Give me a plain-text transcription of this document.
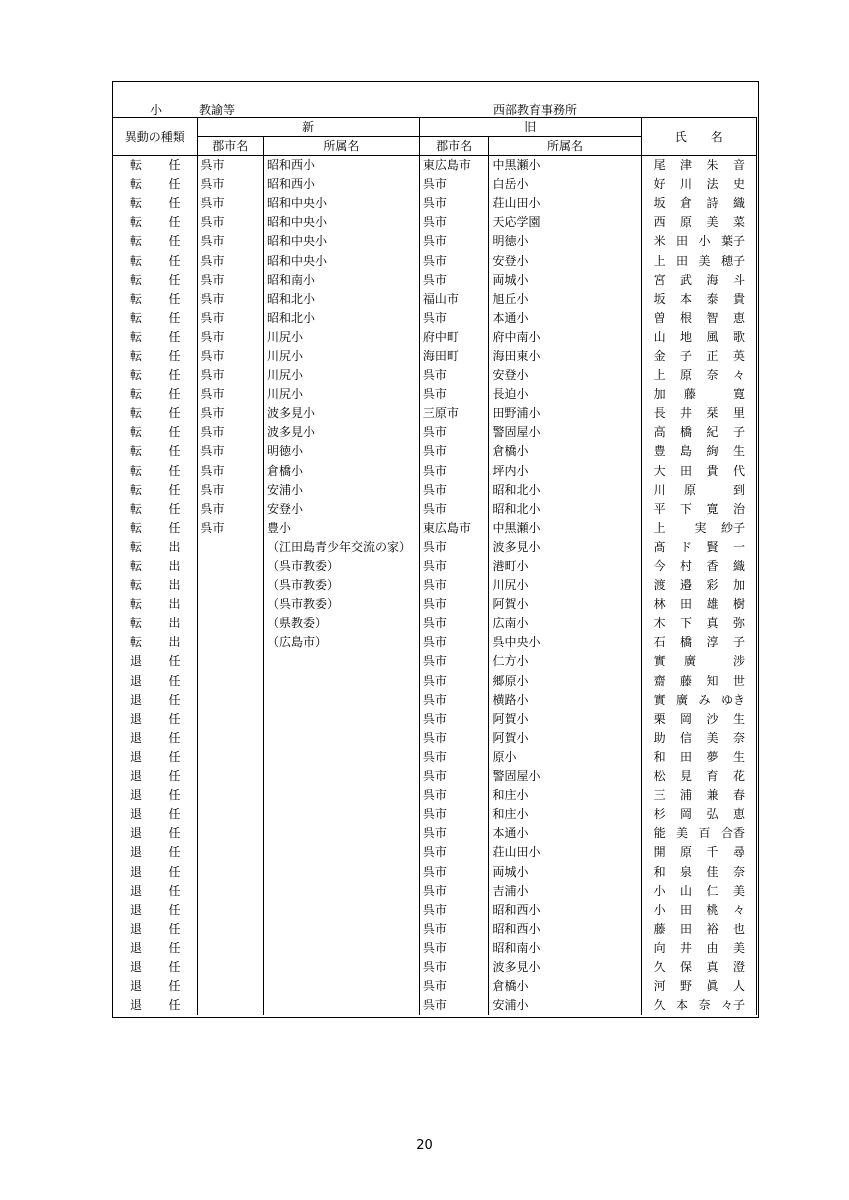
小	教諭等	西部教育事務所
異動の種類	新		旧		氏　　名
	郡市名	所属名	郡市名	所属名	

転 任	呉市	昭和西小	東広島市	中黒瀬小	尾 津 朱 音

転 任	呉市	昭和西小	呉市	白岳小	好 川 法 史

転 任	呉市	昭和中央小	呉市	荘山田小	坂 倉 詩 織

転 任	呉市	昭和中央小	呉市	天応学園	西 原 美 菜

転 任	呉市	昭和中央小	呉市	明徳小	米 田 小 葉子

転 任	呉市	昭和中央小	呉市	安登小	上 田 美 穂子

転 任	呉市	昭和南小	呉市	両城小	宮 武 海 斗

転 任	呉市	昭和北小	福山市	旭丘小	坂 本 泰 貴

転 任	呉市	昭和北小	呉市	本通小	曽 根 智 恵

転 任	呉市	川尻小	府中町	府中南小	山 地 風 歌

転 任	呉市	川尻小	海田町	海田東小	金 子 正 英

転 任	呉市	川尻小	呉市	安登小	上 原 奈 々

転 任	呉市	川尻小	呉市	長迫小	加 藤 寛

転 任	呉市	波多見小	三原市	田野浦小	長 井 栞 里

転 任	呉市	波多見小	呉市	警固屋小	高 橋 紀 子

転 任	呉市	明徳小	呉市	倉橋小	豊 島 絢 生

転 任	呉市	倉橋小	呉市	坪内小	大 田 貴 代

転 任	呉市	安浦小	呉市	昭和北小	川 原 到

転 任	呉市	安登小	呉市	昭和北小	平 下 寛 治

転 任	呉市	豊小	東広島市	中黒瀬小	上 実 紗子

転 出		（江田島青少年交流の家）	呉市	波多見小	髙 ド 賢 一

転 出		（呉市教委）	呉市	港町小	今 村 香 織

転 出		（呉市教委）	呉市	川尻小	渡 邉 彩 加

転 出		（呉市教委）	呉市	阿賀小	林 田 雄 樹

転 出		（県教委）	呉市	広南小	木 下 真 弥

転 出		（広島市）	呉市	呉中央小	石 橋 淳 子

退 任			呉市	仁方小	實 廣 涉

退 任			呉市	郷原小	齋 藤 知 世

退 任			呉市	横路小	實 廣 み ゆき

退 任			呉市	阿賀小	栗 岡 沙 生

退 任			呉市	阿賀小	助 信 美 奈

退 任			呉市	原小	和 田 夢 生

退 任			呉市	警固屋小	松 見 育 花

退 任			呉市	和庄小	三 浦 兼 春

退 任			呉市	和庄小	杉 岡 弘 恵

退 任			呉市	本通小	能 美 百 合香

退 任			呉市	荘山田小	開 原 千 尋

退 任			呉市	両城小	和 泉 佳 奈

退 任			呉市	吉浦小	小 山 仁 美

退 任			呉市	昭和西小	小 田 桃 々

退 任			呉市	昭和西小	藤 田 裕 也

退 任			呉市	昭和南小	向 井 由 美

退 任			呉市	波多見小	久 保 真 澄

退 任			呉市	倉橋小	河 野 眞 人

退 任			呉市	安浦小	久 本 奈 々子
20
